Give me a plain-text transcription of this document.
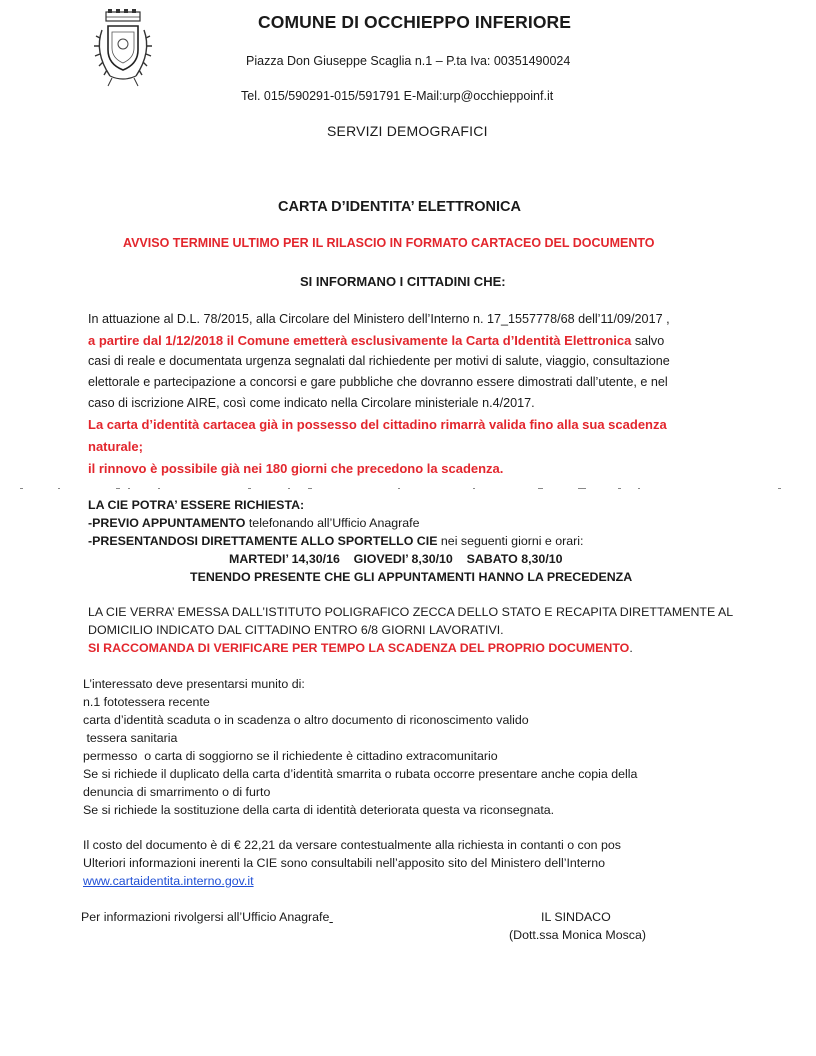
COMUNE DI OCCHIEPPO INFERIORE
Piazza Don Giuseppe Scaglia n.1 – P.ta Iva: 00351490024
Tel. 015/590291-015/591791 E-Mail:urp@occhieppoinf.it
SERVIZI DEMOGRAFICI
CARTA D’IDENTITA’ ELETTRONICA
AVVISO TERMINE ULTIMO PER IL RILASCIO IN FORMATO CARTACEO DEL DOCUMENTO
SI INFORMANO I CITTADINI CHE:
In attuazione al D.L. 78/2015, alla Circolare del Ministero dell’Interno n. 17_1557778/68 dell’11/09/2017 ,
a partire dal 1/12/2018 il Comune emetterà esclusivamente la Carta d’Identità Elettronica salvo
casi di reale e documentata urgenza segnalati dal richiedente per motivi di salute, viaggio, consultazione
elettorale e partecipazione a concorsi e gare pubbliche che dovranno essere dimostrati dall’utente, e nel
caso di iscrizione AIRE, così come indicato nella Circolare ministeriale n.4/2017.
La carta d’identità cartacea già in possesso del cittadino rimarrà valida fino alla sua scadenza
naturale;
il rinnovo è possibile già nei 180 giorni che precedono la scadenza.
LA CIE POTRA’ ESSERE RICHIESTA:
-PREVIO APPUNTAMENTO telefonando all’Ufficio Anagrafe
-PRESENTANDOSI DIRETTAMENTE ALLO SPORTELLO CIE nei seguenti giorni e orari:
MARTEDI’ 14,30/16    GIOVEDI’ 8,30/10    SABATO 8,30/10
TENENDO PRESENTE CHE GLI APPUNTAMENTI HANNO LA PRECEDENZA
LA CIE VERRA’ EMESSA DALL’ISTITUTO POLIGRAFICO ZECCA DELLO STATO E RECAPITA DIRETTAMENTE AL
DOMICILIO INDICATO DAL CITTADINO ENTRO 6/8 GIORNI LAVORATIVI.
SI RACCOMANDA DI VERIFICARE PER TEMPO LA SCADENZA DEL PROPRIO DOCUMENTO.
L’interessato deve presentarsi munito di:
n.1 fototessera recente
carta d’identità scaduta o in scadenza o altro documento di riconoscimento valido
tessera sanitaria
permesso  o carta di soggiorno se il richiedente è cittadino extracomunitario
Se si richiede il duplicato della carta d’identità smarrita o rubata occorre presentare anche copia della
denuncia di smarrimento o di furto
Se si richiede la sostituzione della carta di identità deteriorata questa va riconsegnata.
Il costo del documento è di € 22,21 da versare contestualmente alla richiesta in contanti o con pos
Ulteriori informazioni inerenti la CIE sono consultabili nell’apposito sito del Ministero dell’Interno
www.cartaidentita.interno.gov.it
Per informazioni rivolgersi all’Ufficio Anagrafe	IL SINDACO
(Dott.ssa Monica Mosca)
